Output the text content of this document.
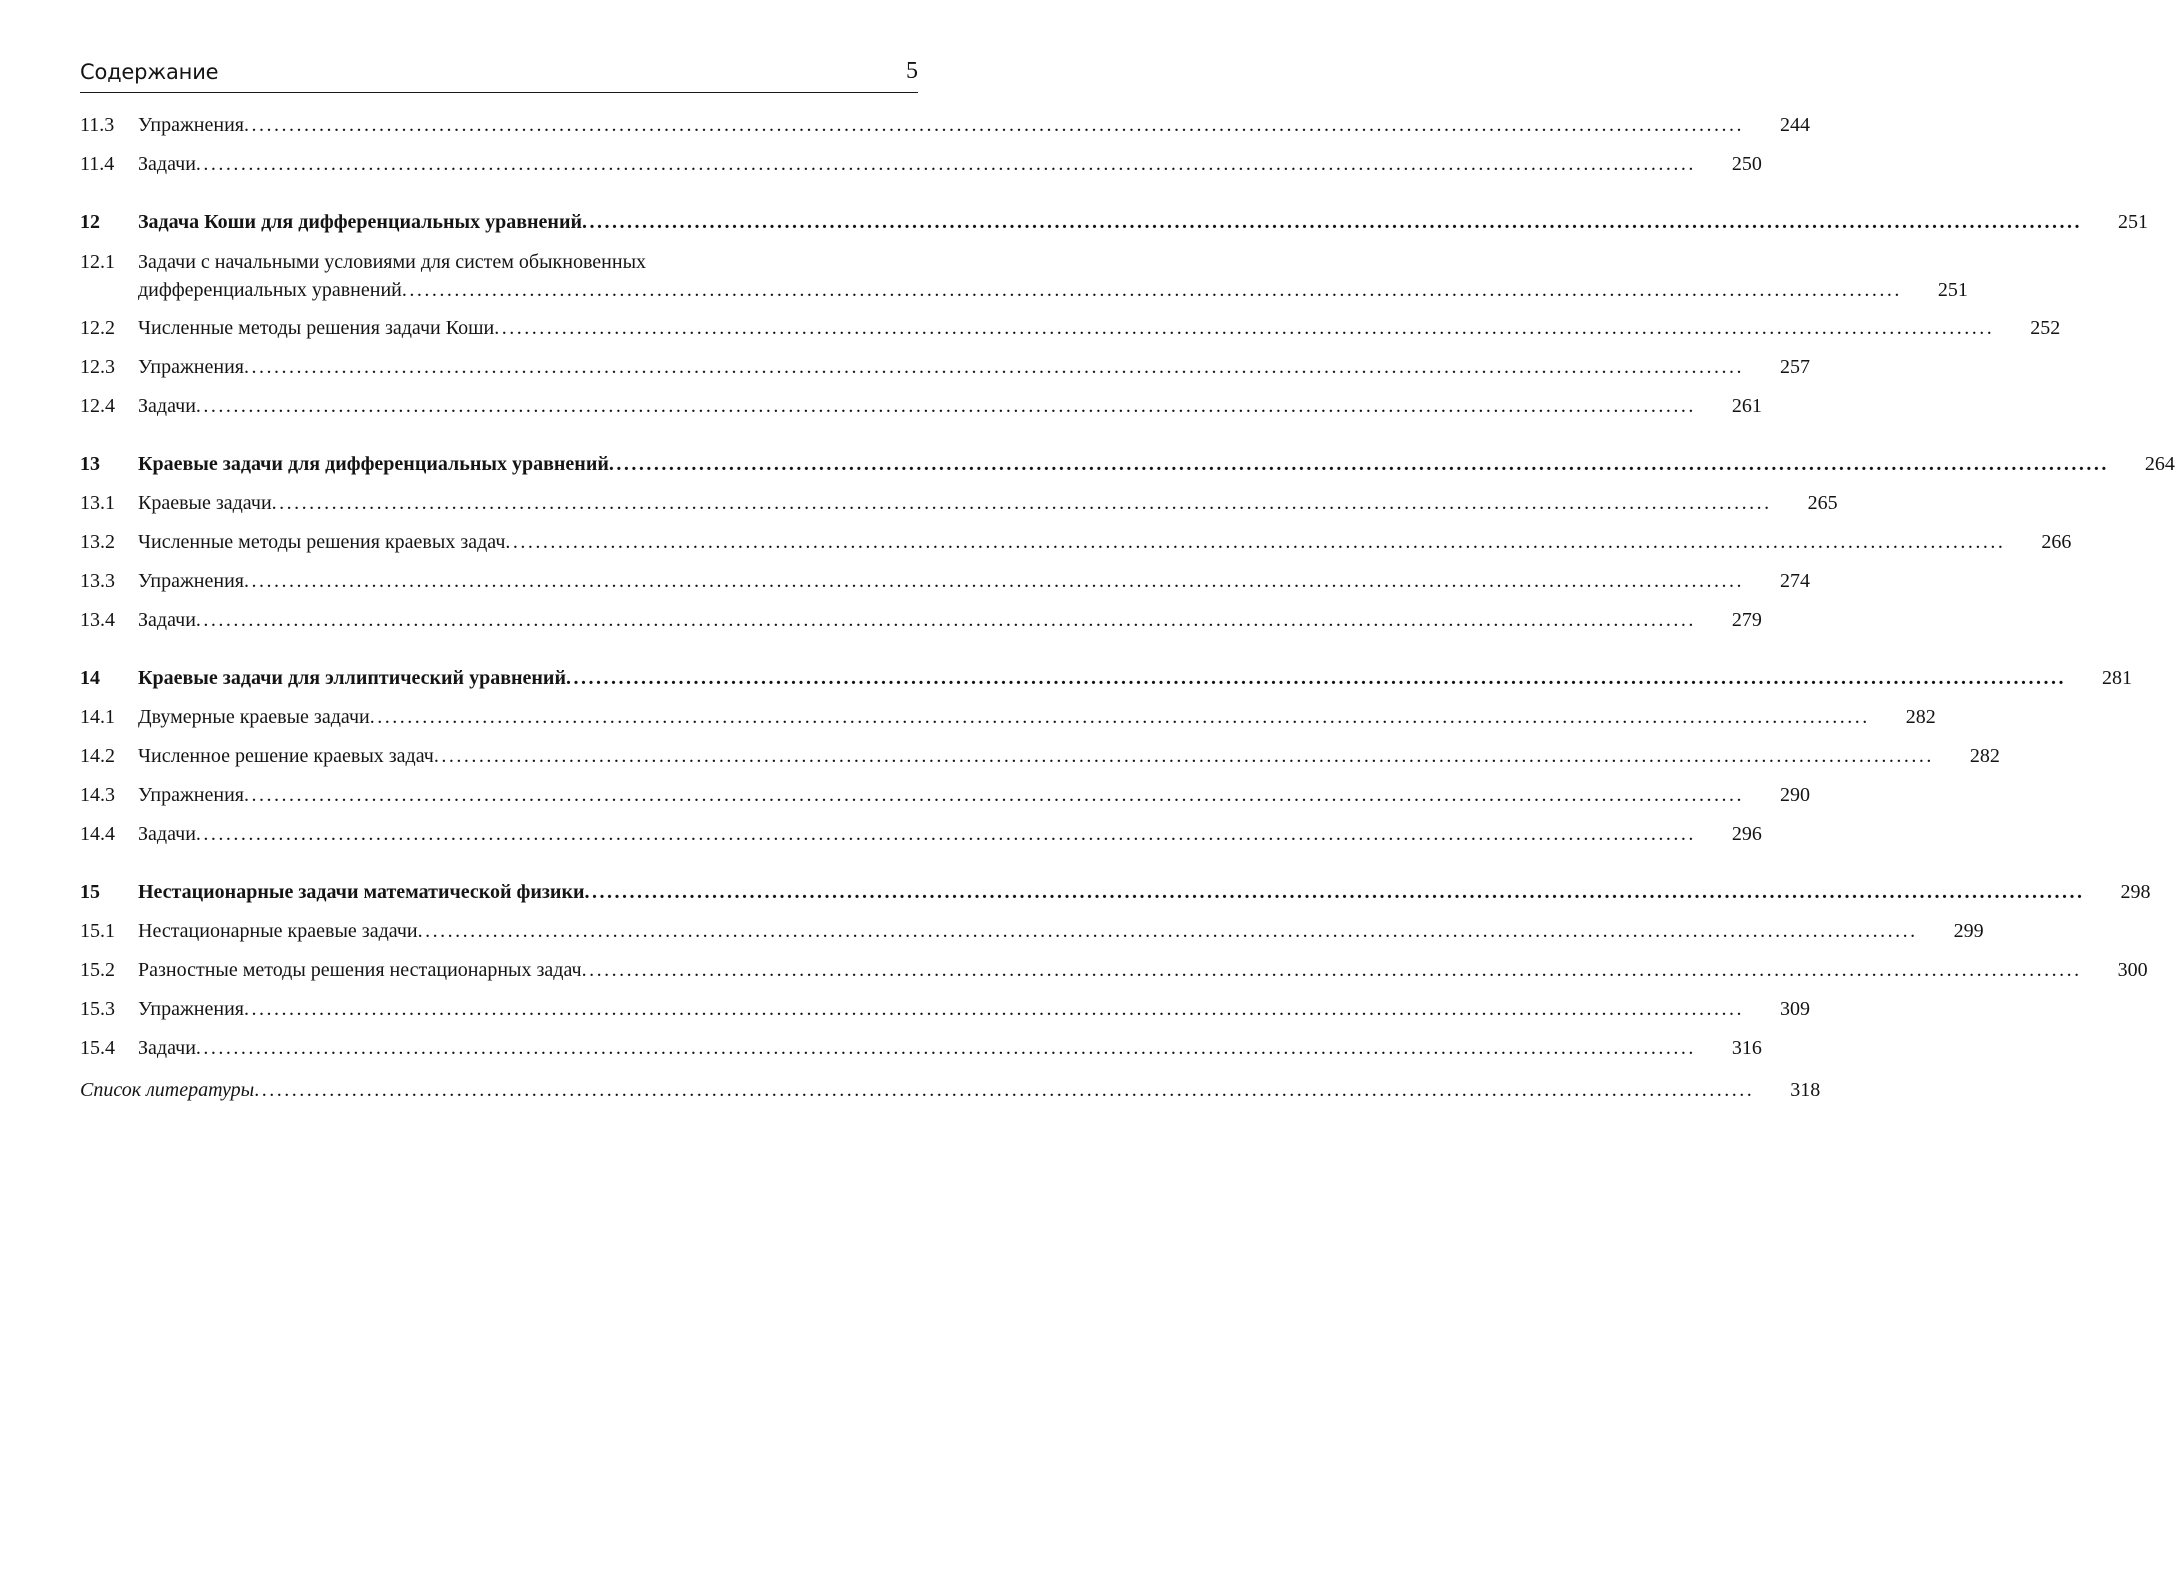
Содержание	5
11.3 Упражнения ........................................................................................................................................................................................................	244
11.4 Задачи ........................................................................................................................................................................................................	250
12 Задача Коши для дифференциальных уравнений ........................................................................................................................................................................................................	251
12.1 Задачи с начальными условиями для систем обыкновенных
дифференциальных уравнений ........................................................................................................................................................................................................	251
12.2 Численные методы решения задачи Коши ........................................................................................................................................................................................................	252
12.3 Упражнения ........................................................................................................................................................................................................	257
12.4 Задачи ........................................................................................................................................................................................................	261
13 Краевые задачи для дифференциальных уравнений ........................................................................................................................................................................................................	264
13.1 Краевые задачи ........................................................................................................................................................................................................	265
13.2 Численные методы решения краевых задач ........................................................................................................................................................................................................	266
13.3 Упражнения ........................................................................................................................................................................................................	274
13.4 Задачи ........................................................................................................................................................................................................	279
14 Краевые задачи для эллиптический уравнений ........................................................................................................................................................................................................	281
14.1 Двумерные краевые задачи ........................................................................................................................................................................................................	282
14.2 Численное решение краевых задач ........................................................................................................................................................................................................	282
14.3 Упражнения ........................................................................................................................................................................................................	290
14.4 Задачи ........................................................................................................................................................................................................	296
15 Нестационарные задачи математической физики ........................................................................................................................................................................................................	298
15.1 Нестационарные краевые задачи ........................................................................................................................................................................................................	299
15.2 Разностные методы решения нестационарных задач ........................................................................................................................................................................................................	300
15.3 Упражнения ........................................................................................................................................................................................................	309
15.4 Задачи ........................................................................................................................................................................................................	316
Список литературы ........................................................................................................................................................................................................	318
